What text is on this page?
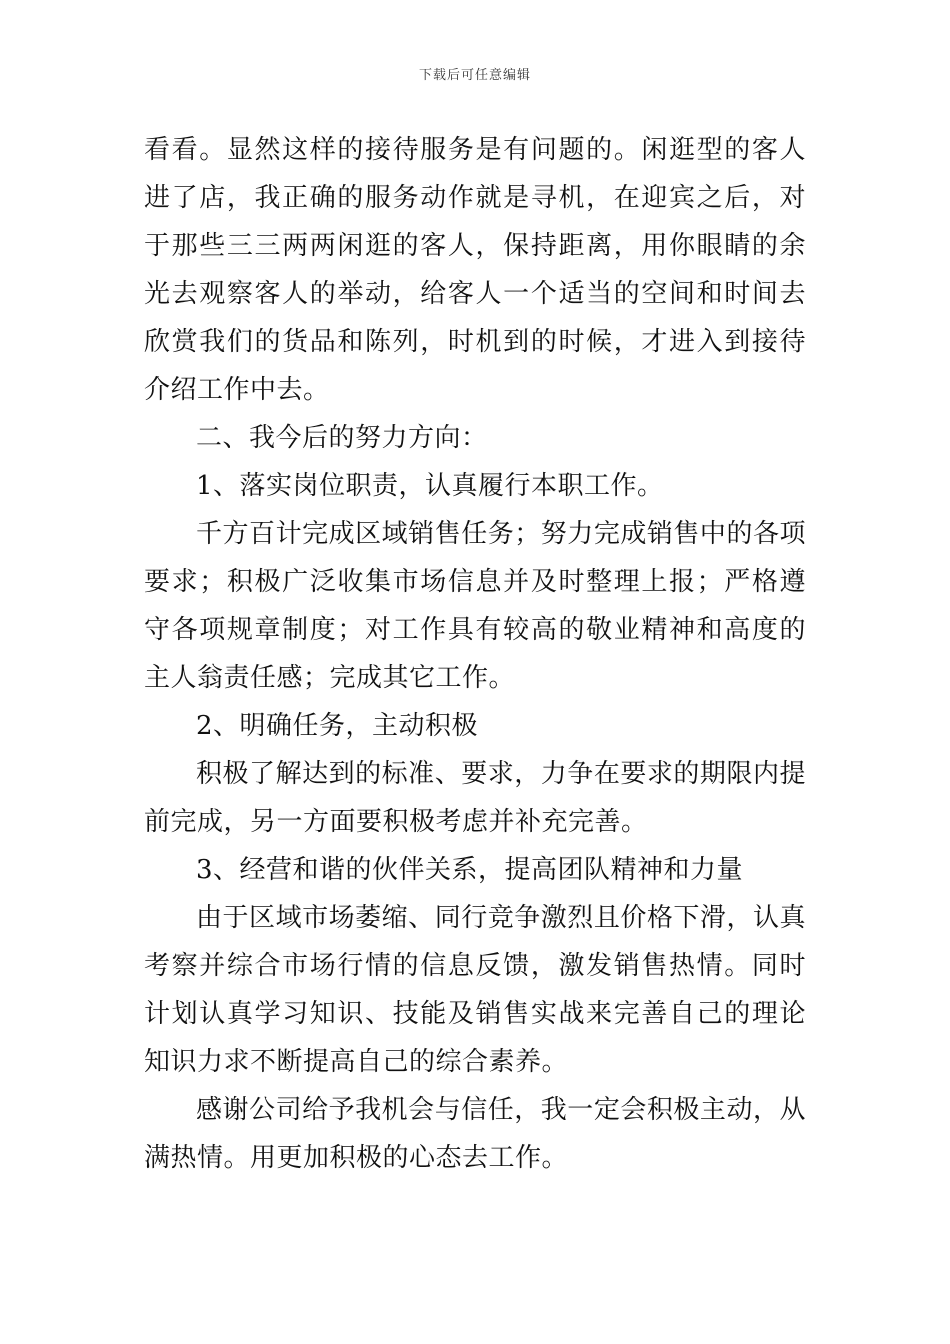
下载后可任意编辑

看看。显然这样的接待服务是有问题的。闲逛型的客人进了店，我正确的服务动作就是寻机，在迎宾之后，对于那些三三两两闲逛的客人，保持距离，用你眼睛的余光去观察客人的举动，给客人一个适当的空间和时间去欣赏我们的货品和陈列，时机到的时候，才进入到接待介绍工作中去。

二、我今后的努力方向：

1、落实岗位职责，认真履行本职工作。

千方百计完成区域销售任务；努力完成销售中的各项要求；积极广泛收集市场信息并及时整理上报；严格遵守各项规章制度；对工作具有较高的敬业精神和高度的主人翁责任感；完成其它工作。

2、明确任务，主动积极

积极了解达到的标准、要求，力争在要求的期限内提前完成，另一方面要积极考虑并补充完善。

3、经营和谐的伙伴关系，提高团队精神和力量

由于区域市场萎缩、同行竞争激烈且价格下滑，认真考察并综合市场行情的信息反馈，激发销售热情。同时计划认真学习知识、技能及销售实战来完善自己的理论知识力求不断提高自己的综合素养。

感谢公司给予我机会与信任，我一定会积极主动，从满热情。用更加积极的心态去工作。
